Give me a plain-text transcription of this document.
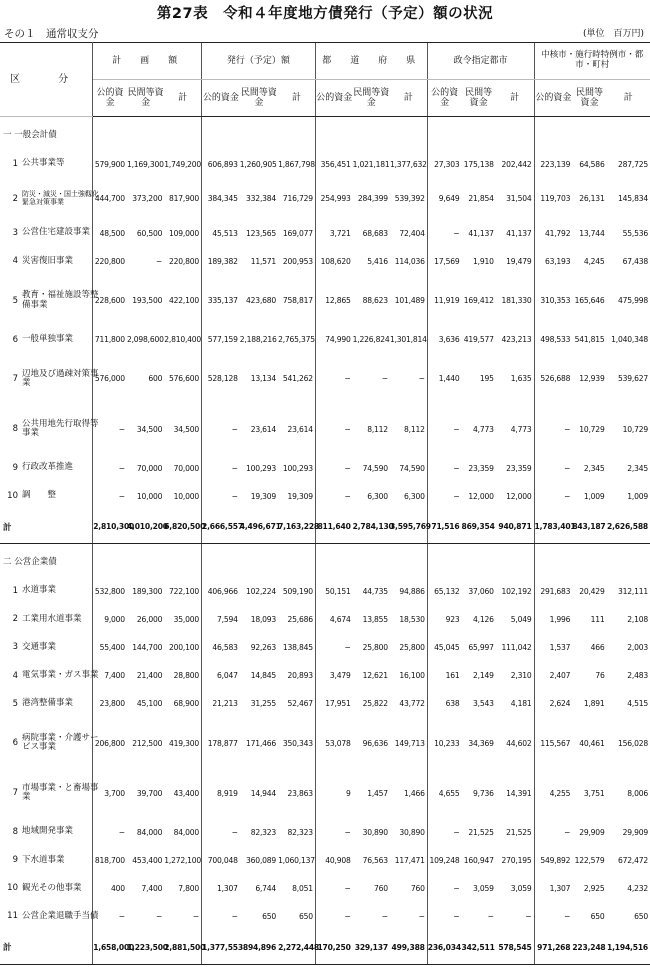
第27表　令和４年度地方債発行（予定）額の状況
その１　通常収支分	(単位　百万円)
区　分	計　画　額			発行（予定）額			都　道　府　県			政令指定都市			中核市・施行時特例市・都市・町村		
	公的資金	民間等資金	計	公的資金	民間等資金	計	公的資金	民間等資金	計	公的資金	民間等資金	計	公的資金	民間等資金	計
一 一般会計債															
1 公共事業等	579,900	1,169,300	1,749,200	606,893	1,260,905	1,867,798	356,451	1,021,181	1,377,632	27,303	175,138	202,442	223,139	64,586	287,725
2 防災・減災・国土強靱化緊急対策事業	444,700	373,200	817,900	384,345	332,384	716,729	254,993	284,399	539,392	9,649	21,854	31,504	119,703	26,131	145,834
3 公営住宅建設事業	48,500	60,500	109,000	45,513	123,565	169,077	3,721	68,683	72,404	−	41,137	41,137	41,792	13,744	55,536
4 災害復旧事業	220,800	−	220,800	189,382	11,571	200,953	108,620	5,416	114,036	17,569	1,910	19,479	63,193	4,245	67,438
5教育・福祉施設等整備事業	228,600	193,500	422,100	335,137	423,680	758,817	12,865	88,623	101,489	11,919	169,412	181,330	310,353	165,646	475,998
6 一般単独事業	711,800	2,098,600	2,810,400	577,159	2,188,216	2,765,375	74,990	1,226,824	1,301,814	3,636	419,577	423,213	498,533	541,815	1,040,348
7辺地及び過疎対策事業	576,000	600	576,600	528,128	13,134	541,262	−	−	−	1,440	195	1,635	526,688	12,939	539,627
8公共用地先行取得等事業	−	34,500	34,500	−	23,614	23,614	−	8,112	8,112	−	4,773	4,773	−	10,729	10,729
9 行政改革推進	−	70,000	70,000	−	100,293	100,293	−	74,590	74,590	−	23,359	23,359	−	2,345	2,345
10 調　　整	−	10,000	10,000	−	19,309	19,309	−	6,300	6,300	−	12,000	12,000	−	1,009	1,009
計	2,810,300	4,010,200	6,820,500	2,666,557	4,496,671	7,163,228	811,640	2,784,130	3,595,769	71,516	869,354	940,871	1,783,401	843,187	2,626,588
二 公営企業債															
1 水道事業	532,800	189,300	722,100	406,966	102,224	509,190	50,151	44,735	94,886	65,132	37,060	102,192	291,683	20,429	312,111
2 工業用水道事業	9,000	26,000	35,000	7,594	18,093	25,686	4,674	13,855	18,530	923	4,126	5,049	1,996	111	2,108
3 交通事業	55,400	144,700	200,100	46,583	92,263	138,845	−	25,800	25,800	45,045	65,997	111,042	1,537	466	2,003
4 電気事業・ガス事業	7,400	21,400	28,800	6,047	14,845	20,893	3,479	12,621	16,100	161	2,149	2,310	2,407	76	2,483
5 港湾整備事業	23,800	45,100	68,900	21,213	31,255	52,467	17,951	25,822	43,772	638	3,543	4,181	2,624	1,891	4,515
6病院事業・介護サービス事業	206,800	212,500	419,300	178,877	171,466	350,343	53,078	96,636	149,713	10,233	34,369	44,602	115,567	40,461	156,028
7市場事業・と畜場事業	3,700	39,700	43,400	8,919	14,944	23,863	9	1,457	1,466	4,655	9,736	14,391	4,255	3,751	8,006
8 地域開発事業	−	84,000	84,000	−	82,323	82,323	−	30,890	30,890	−	21,525	21,525	−	29,909	29,909
9 下水道事業	818,700	453,400	1,272,100	700,048	360,089	1,060,137	40,908	76,563	117,471	109,248	160,947	270,195	549,892	122,579	672,472
10 観光その他事業	400	7,400	7,800	1,307	6,744	8,051	−	760	760	−	3,059	3,059	1,307	2,925	4,232
11 公営企業退職手当債	−	−	−	−	650	650	−	−	−	−	−	−	−	650	650
計	1,658,000	1,223,500	2,881,500	1,377,553	894,896	2,272,448	170,250	329,137	499,388	236,034	342,511	578,545	971,268	223,248	1,194,516
